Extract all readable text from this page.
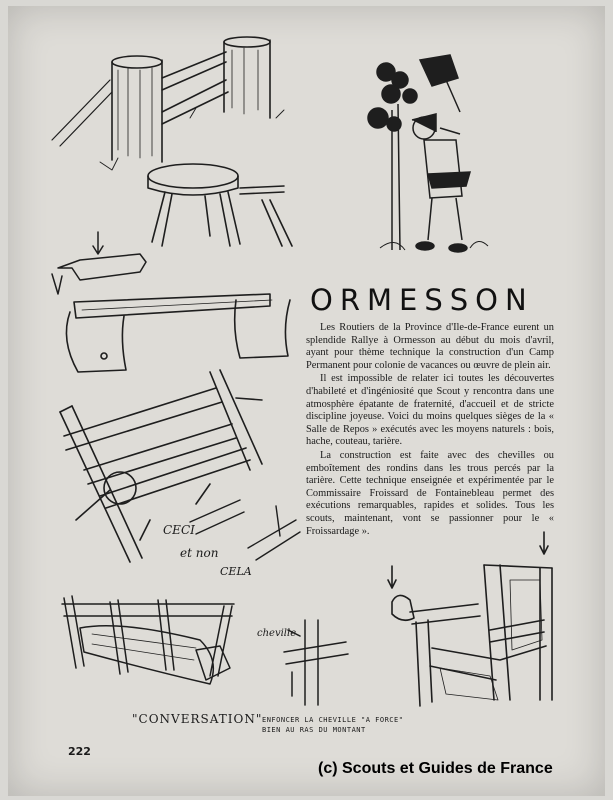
ORMESSON

Les Routiers de la Province d'Ile-de-France eurent un splendide Rallye à Ormesson au début du mois d'avril, ayant pour thème technique la construction d'un Camp Permanent pour colonie de vacances ou œuvre de plein air.

Il est impossible de relater ici toutes les découvertes d'habileté et d'ingéniosité que Scout y rencontra dans une atmosphère épatante de fraternité, d'accueil et de stricte discipline joyeuse. Voici du moins quelques sièges de la « Salle de Repos » exécutés avec les moyens naturels : bois, hache, couteau, tarière.

La construction est faite avec des chevilles ou emboîtement des rondins dans les trous percés par la tarière. Cette technique enseignée et expérimentée par le Commissaire Froissard de Fontainebleau permet des exécutions remarquables, rapides et solides. Tous les scouts, maintenant, vont se passionner pour le « Froissardage ».

CECI
et non
CELA
"CONVERSATION"
cheville
ENFONCER LA CHEVILLE "A FORCE"
BIEN AU RAS DU MONTANT
222
(c) Scouts et Guides de France
